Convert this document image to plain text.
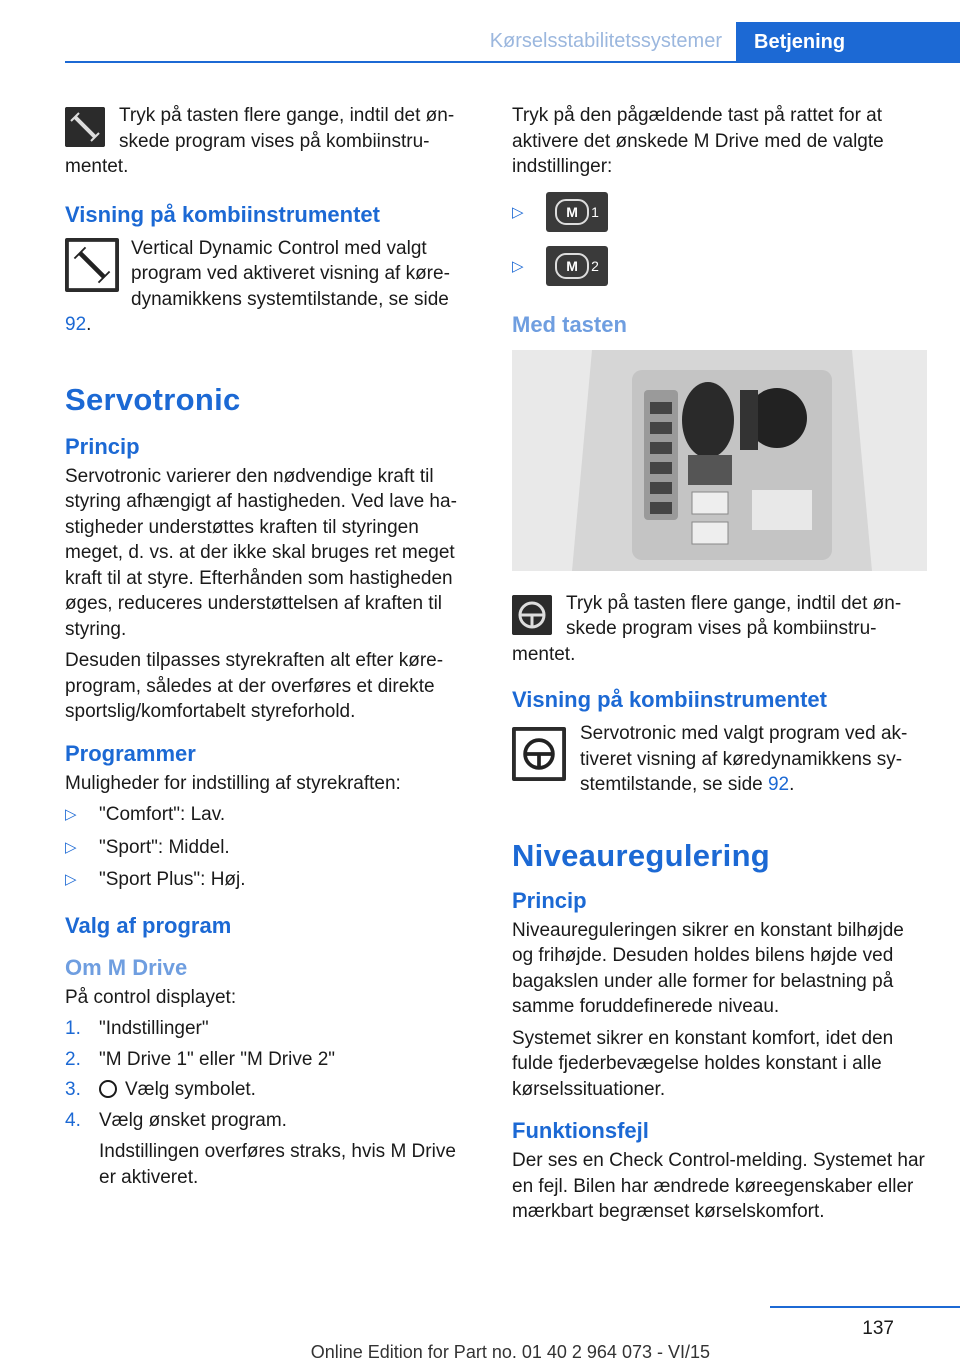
Kørselsstabilitetssystemer	Betjening

Tryk på tasten flere gange, indtil det ønskede program vises på kombiinstrumentet.

Visning på kombiinstrumentet

Vertical Dynamic Control med valgt program ved aktiveret visning af køredynamikkens systemtilstande, se side 92.

Servotronic
Princip

Servotronic varierer den nødvendige kraft til styring afhængigt af hastigheden. Ved lave hastigheder understøttes kraften til styringen meget, d. vs. at der ikke skal bruges ret meget kraft til at styre. Efterhånden som hastigheden øges, reduceres understøttelsen af kraften til styring.

Desuden tilpasses styrekraften alt efter køreprogram, således at der overføres et direkte sportslig/komfortabelt styreforhold.

Programmer

Muligheder for indstilling af styrekraften:

▷ "Comfort": Lav.
▷ "Sport": Middel.
▷ "Sport Plus": Høj.
Valg af program
Om M Drive

På control displayet:

1. "Indstillinger"
2. "M Drive 1" eller "M Drive 2"
3. Vælg symbolet.
4. Vælg ønsket program.
Indstillingen overføres straks, hvis M Drive er aktiveret.

Tryk på den pågældende tast på rattet for at aktivere det ønskede M Drive med de valgte indstillinger:

▷	M 1
▷	M 2
Med tasten

Tryk på tasten flere gange, indtil det ønskede program vises på kombiinstrumentet.

Visning på kombiinstrumentet

Servotronic med valgt program ved aktiveret visning af køredynamikkens systemtilstande, se side 92.

Niveauregulering
Princip

Niveaureguleringen sikrer en konstant bilhøjde og frihøjde. Desuden holdes bilens højde ved bagakslen under alle former for belastning på samme foruddefinerede niveau.

Systemet sikrer en konstant komfort, idet den fulde fjederbevægelse holdes konstant i alle kørselssituationer.

Funktionsfejl

Der ses en Check Control-melding. Systemet har en fejl. Bilen har ændrede køreegenskaber eller mærkbart begrænset kørselskomfort.

137
Online Edition for Part no. 01 40 2 964 073 - VI/15
